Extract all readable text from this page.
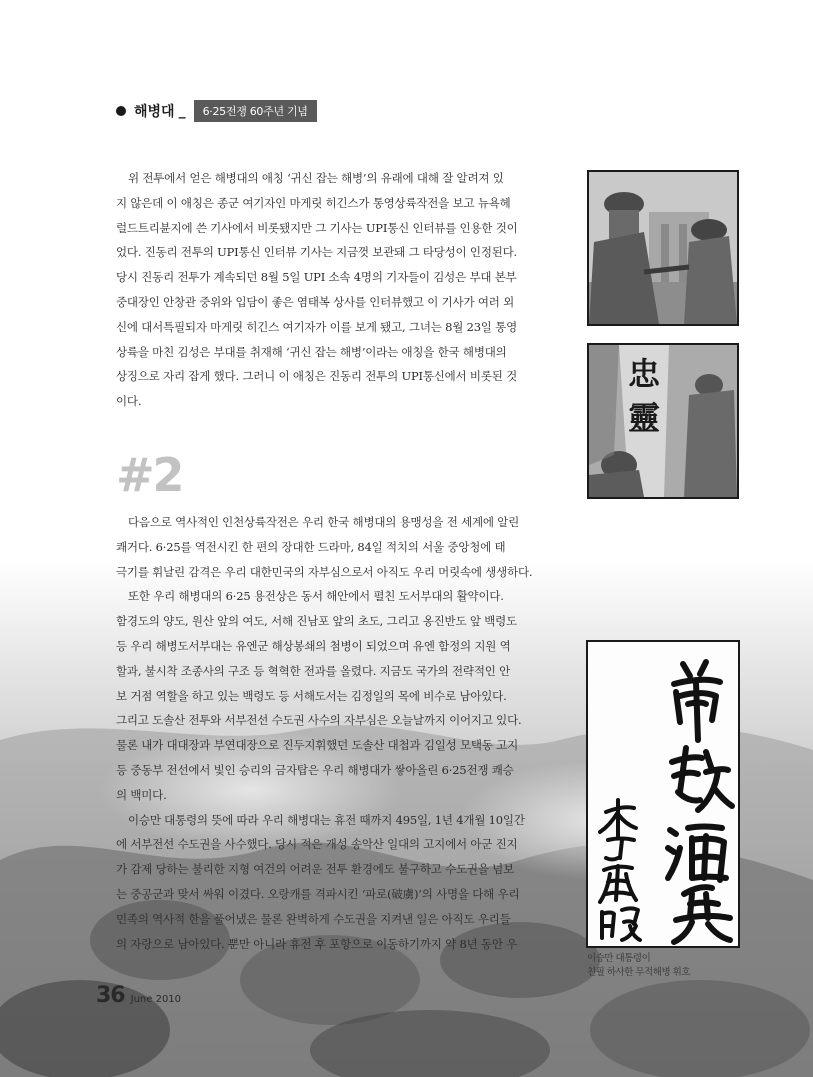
해병대 _	6·25전쟁 60주년 기념
위 전투에서 얻은 해병대의 애칭 ‘귀신 잡는 해병’의 유래에 대해 잘 알려져 있
지 않은데 이 애칭은 종군 여기자인 마게릿 히긴스가 통영상륙작전을 보고 뉴욕헤
럴드트리뷴지에 쓴 기사에서 비롯됐지만 그 기사는 UPI통신 인터뷰를 인용한 것이
었다. 진동리 전투의 UPI통신 인터뷰 기사는 지금껏 보관돼 그 타당성이 인정된다.
당시 진동리 전투가 계속되던 8월 5일 UPI 소속 4명의 기자들이 김성은 부대 본부
중대장인 안창관 중위와 입담이 좋은 염태복 상사를 인터뷰했고 이 기사가 여러 외
신에 대서특필되자 마게릿 히긴스 여기자가 이를 보게 됐고, 그녀는 8월 23일 통영
상륙을 마친 김성은 부대를 취재해 ‘귀신 잡는 해병’이라는 애칭을 한국 해병대의
상징으로 자리 잡게 했다. 그러니 이 애칭은 진동리 전투의 UPI통신에서 비롯된 것
이다.
#2
다음으로 역사적인 인천상륙작전은 우리 한국 해병대의 용맹성을 전 세계에 알린
쾌거다. 6·25를 역전시킨 한 편의 장대한 드라마, 84일 적치의 서울 중앙청에 태
극기를 휘날린 감격은 우리 대한민국의 자부심으로서 아직도 우리 머릿속에 생생하다.
또한 우리 해병대의 6·25 용전상은 동서 해안에서 펼친 도서부대의 활약이다.
함경도의 양도, 원산 앞의 여도, 서해 진남포 앞의 초도, 그리고 옹진반도 앞 백령도
등 우리 해병도서부대는 유엔군 해상봉쇄의 첨병이 되었으며 유엔 함정의 지원 역
할과, 불시착 조종사의 구조 등 혁혁한 전과를 올렸다. 지금도 국가의 전략적인 안
보 거점 역할을 하고 있는 백령도 등 서해도서는 김정일의 목에 비수로 남아있다.
그리고 도솔산 전투와 서부전선 수도권 사수의 자부심은 오늘날까지 이어지고 있다.
물론 내가 대대장과 부연대장으로 진두지휘했던 도솔산 대첩과 김일성 모택동 고지
등 중동부 전선에서 빛인 승리의 금자탑은 우리 해병대가 쌓아올린 6·25전쟁 쾌승
의 백미다.
이승만 대통령의 뜻에 따라 우리 해병대는 휴전 때까지 495일, 1년 4개월 10일간
에 서부전선 수도권을 사수했다. 당시 적은 개성 송악산 일대의 고지에서 아군 진지
가 감제 당하는 불리한 지형 여건의 어려운 전투 환경에도 불구하고 수도권을 넘보
는 중공군과 맞서 싸워 이겼다. 오랑캐를 격파시킨 ‘파로(破虜)’의 사명을 다해 우리
민족의 역사적 한을 풀어냈은 물론 완벽하게 수도권을 지켜낸 일은 아직도 우리들
의 자랑으로 남아있다. 뿐만 아니라 휴전 후 포항으로 이동하기까지 약 8년 동안 우
忠
靈
이승만 대통령이
친필 하사한 무적해병 휘호
36 June 2010
